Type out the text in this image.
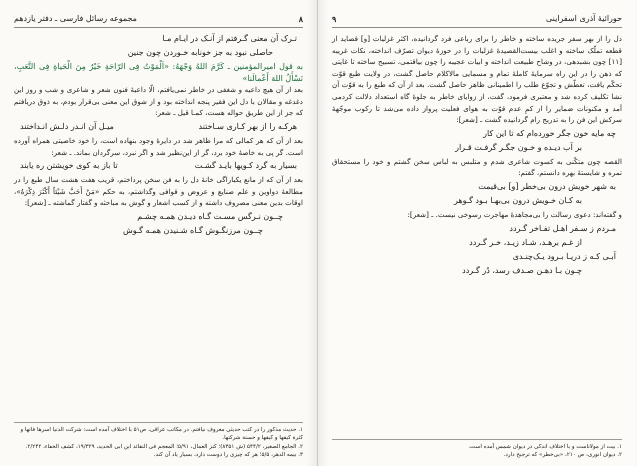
۸
مجموعه رسائل فارسی ـ دفتر یازدهم
تـرک آن معنی گـرفتم از آنـک در ایـام مـا
حاصلی نبود به جز خونابه خـوردن چون جنین

به قول امیرالمؤمنین ـ کَرَّمَ اللهُ وَجْهَهُ: «اَلْمَوْتُ فِی الرّاحَةِ خَیْرٌ مِنَ الْحَیاةِ فِی التَّعَبِ، نَسْأَلُ اللهَ أَعْمالَنا»

بعد از آن هیچ داعیه و شغفی در خاطر نمی‌یافتم، الّا داعیهٔ فنون شعر و شاعری و شب و روز این دغدغه و مقالان با دل این فقیر پنجه انداخته بود و از شوق این معنی بی‌قرار بودم، به ذوق دریافتم که جز از این طریق حواله هست، کمـا قیل ـ شعر:

هرکـه را از بهر کـاری سـاختند
میـل آن انـدر دلـش انـداختند

بعد از آن که هر کمالی که مرا ظاهر شد در دایرهٔ وجود بنهاده است، را خود خاصیتی همراه آورده است. گر پی به خاصهٔ خود برد، گر از این‌نظیر شد و اگر نبرد، سرگردان بماند. ـ شعر:

بسیار به گرد کـویها بایـد گشـت
تا باز به کوی خویشتن ره یابند

بعد از آن که از مانع یکباراگی خانهٔ دل را به فن سخن پرداختم، قریب هفت هشت سال طبع را در مطالعهٔ دواوین و علم صنایع و عروض و قوافی وگذاشتم، به حکم «مَنْ أَحَبَّ شَیْئاً أَکْثَرَ ذِکْرَهُ»، اوقات بدین معنی مصروف داشته و از کسب اشعار و گوش به مباحثه و گفتار گماشته ـ [شعر]:

چــون نـرگس مسـت گـاه دیـدن همـه چشـم
چــون مرزنگـوش گـاه شـنیدن همـه گـوش

۱. حدیث مذکور را در کتب حدیثی معروف نیافتم. در مکاتب عراقی، ص۵۱ با اختلاف آمده است: شرکت الدنیا اسرها فاتها و کثرة کیقها و کیقها و حسنة شرکتها.

۲. الجامع الصغیر، ۵۴۴/۲ (ش ۸۳۵۱)؛ کنز العمال، ۵/۹۱؛ المعجم فی النقائد ابن ابی الحدید، ۱۹/۳۲۹، کشف الخفاء، ۲/۲۴۲.

۳. بیمه الدهر، ۵/۵؛ هر که چیزی را دوست دارد، بسیار یاد آن کند.

حورائیهٔ آذری اسفراینی
۹

دل را از بهر سفر جریده ساخته و خاطر را برای رباعی فرد گردانیده، اکثر غزلیات [و] قصاید از قطعه تملّک ساخته و اغلب بیست‌القصیدهٔ غزلیات را در حوزهٔ دیوان تصرّف انداخته، نکات غریبه [۱۱] چون بشبدهی، در وشاح طبیعت انداخته و ابیات عجیبه را چون بیاقتمی، تسبیح ساخته تا غایتی که ذهن را در این راه سرمایهٔ کاملهٔ تمام و مسمایی مالاکلام حاصل گشت، در ولایت طبع قوّت تحکّم یافت، تعطّش و تجوّع طلب را اطمینانی ظاهر حاصل گشت. بعد از آن که طبع را به قوّت آن نشا تکلیف کرده شد و معتبری فرمود، گفت، از زوایای خاطر به جلوهٔ گاه استعداد دلالت کردمی آمد و مکنونات ضمایر را از کمِ عدم قوّت به هوای فعلیت پرواز داده می‌شد تا رکوب موجّههٔ سرکش این فن را به تدریج رام گردانیده گشت ـ [شعر]:

چه مایه خون جگر خورده‌ام که تا این کار
بر آب دیـده و خـون جگـر گرفـت قـرار

القصه چون متکّنی به کسوت شاعری شدم و متلبس به لباس سخن گشتم و خود را مستحقاق تمره و شایستهٔ بهره دانستم، گفتم:

به شهر خویش درون بی‌خطر [و] بی‌قیمت
به کـان خـویش درون بی‌بهـا بـود گـوهر

و گفته‌اند: دعوی رسالت را بی‌مجاهدهٔ مهاجرت رسوخی نیست. ـ [شعر]:

مـردم ز سـفر اهـل تفـاخر گـردد
از غـم برهـد، شـاد زیـد، خـر گـردد
آبـی کـه ز دریـا بـرود یـک‌چنـدی
چـون بـا دهـن صـدف رسد، دُر گـردد

۱. بیت از مولاناست و با اختلاف اندکی در دیوان شمس آمده است.

۲. دیوان انوری، ص ۲۱۰، «بی‌خطر» که ترجیح دارد.
